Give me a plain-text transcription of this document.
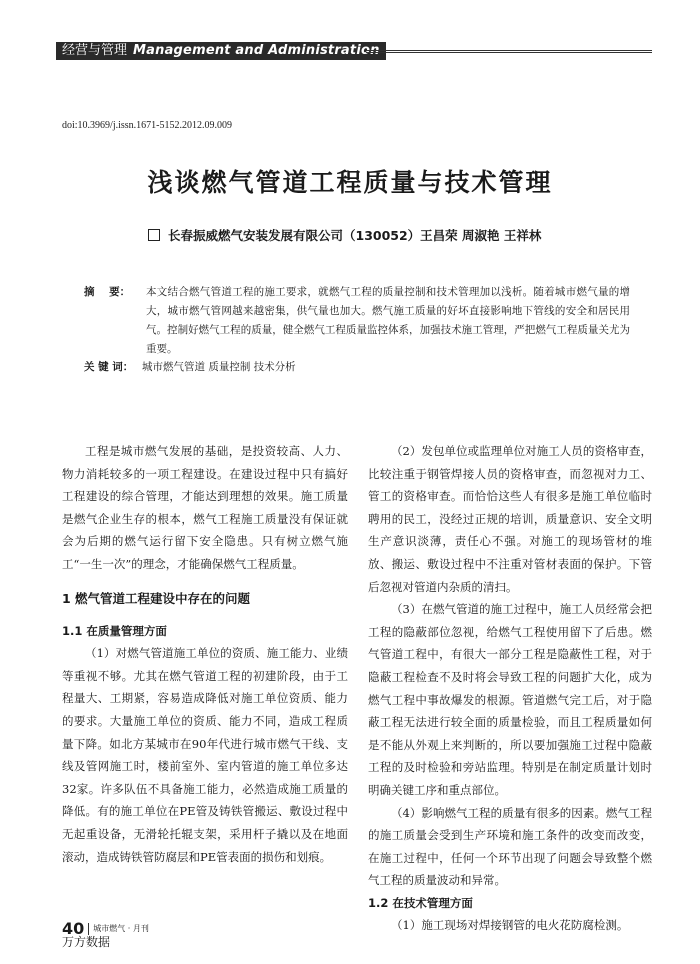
经营与管理 Management and Administration
doi:10.3969/j.issn.1671-5152.2012.09.009
浅谈燃气管道工程质量与技术管理
长春振威燃气安装发展有限公司（130052）王昌荣 周淑艳 王祥林
摘    要：	本文结合燃气管道工程的施工要求，就燃气工程的质量控制和技术管理加以浅析。随着城市燃气量的增大，城市燃气管网越来越密集，供气量也加大。燃气施工质量的好坏直接影响地下管线的安全和居民用气。控制好燃气工程的质量，健全燃气工程质量监控体系，加强技术施工管理，严把燃气工程质量关尤为重要。
关 键 词： 城市燃气管道 质量控制 技术分析

工程是城市燃气发展的基础，是投资较高、人力、物力消耗较多的一项工程建设。在建设过程中只有搞好工程建设的综合管理，才能达到理想的效果。施工质量是燃气企业生存的根本，燃气工程施工质量没有保证就会为后期的燃气运行留下安全隐患。只有树立燃气施工“一生一次”的理念，才能确保燃气工程质量。

1 燃气管道工程建设中存在的问题
1.1 在质量管理方面

（1）对燃气管道施工单位的资质、施工能力、业绩等重视不够。尤其在燃气管道工程的初建阶段，由于工程量大、工期紧，容易造成降低对施工单位资质、能力的要求。大量施工单位的资质、能力不同，造成工程质量下降。如北方某城市在90年代进行城市燃气干线、支线及管网施工时，楼前室外、室内管道的施工单位多达32家。许多队伍不具备施工能力，必然造成施工质量的降低。有的施工单位在PE管及铸铁管搬运、敷设过程中无起重设备，无滑轮托辊支架，采用杆子撬以及在地面滚动，造成铸铁管防腐层和PE管表面的损伤和划痕。

（2）发包单位或监理单位对施工人员的资格审查，比较注重于钢管焊接人员的资格审查，而忽视对力工、管工的资格审查。而恰恰这些人有很多是施工单位临时聘用的民工，没经过正规的培训，质量意识、安全文明生产意识淡薄，责任心不强。对施工的现场管材的堆放、搬运、敷设过程中不注重对管材表面的保护。下管后忽视对管道内杂质的清扫。

（3）在燃气管道的施工过程中，施工人员经常会把工程的隐蔽部位忽视，给燃气工程使用留下了后患。燃气管道工程中，有很大一部分工程是隐蔽性工程，对于隐蔽工程检查不及时将会导致工程的问题扩大化，成为燃气工程中事故爆发的根源。管道燃气完工后，对于隐蔽工程无法进行较全面的质量检验，而且工程质量如何是不能从外观上来判断的，所以要加强施工过程中隐蔽工程的及时检验和旁站监理。特别是在制定质量计划时明确关键工序和重点部位。

（4）影响燃气工程的质量有很多的因素。燃气工程的施工质量会受到生产环境和施工条件的改变而改变，在施工过程中，任何一个环节出现了问题会导致整个燃气工程的质量波动和异常。

1.2 在技术管理方面

（1）施工现场对焊接钢管的电火花防腐检测。

40 城市燃气 · 月刊
万方数据
